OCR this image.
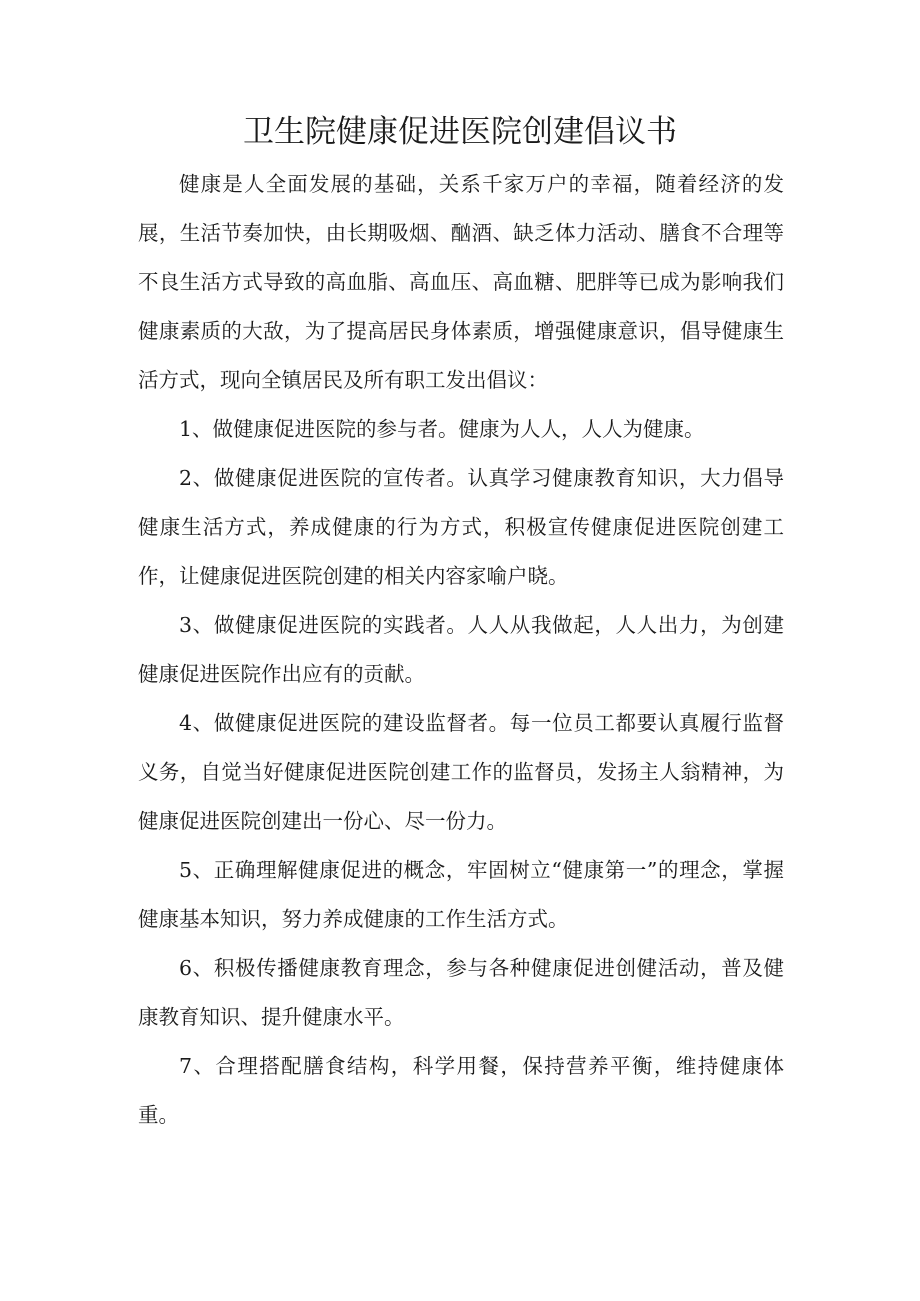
卫生院健康促进医院创建倡议书

健康是人全面发展的基础，关系千家万户的幸福，随着经济的发展，生活节奏加快，由长期吸烟、酗酒、缺乏体力活动、膳食不合理等不良生活方式导致的高血脂、高血压、高血糖、肥胖等已成为影响我们健康素质的大敌，为了提高居民身体素质，增强健康意识，倡导健康生活方式，现向全镇居民及所有职工发出倡议：

1、做健康促进医院的参与者。健康为人人，人人为健康。

2、做健康促进医院的宣传者。认真学习健康教育知识，大力倡导健康生活方式，养成健康的行为方式，积极宣传健康促进医院创建工作，让健康促进医院创建的相关内容家喻户晓。

3、做健康促进医院的实践者。人人从我做起，人人出力，为创建健康促进医院作出应有的贡献。

4、做健康促进医院的建设监督者。每一位员工都要认真履行监督义务，自觉当好健康促进医院创建工作的监督员，发扬主人翁精神，为健康促进医院创建出一份心、尽一份力。

5、正确理解健康促进的概念，牢固树立“健康第一”的理念，掌握健康基本知识，努力养成健康的工作生活方式。

6、积极传播健康教育理念，参与各种健康促进创健活动，普及健康教育知识、提升健康水平。

7、合理搭配膳食结构，科学用餐，保持营养平衡，维持健康体重。
